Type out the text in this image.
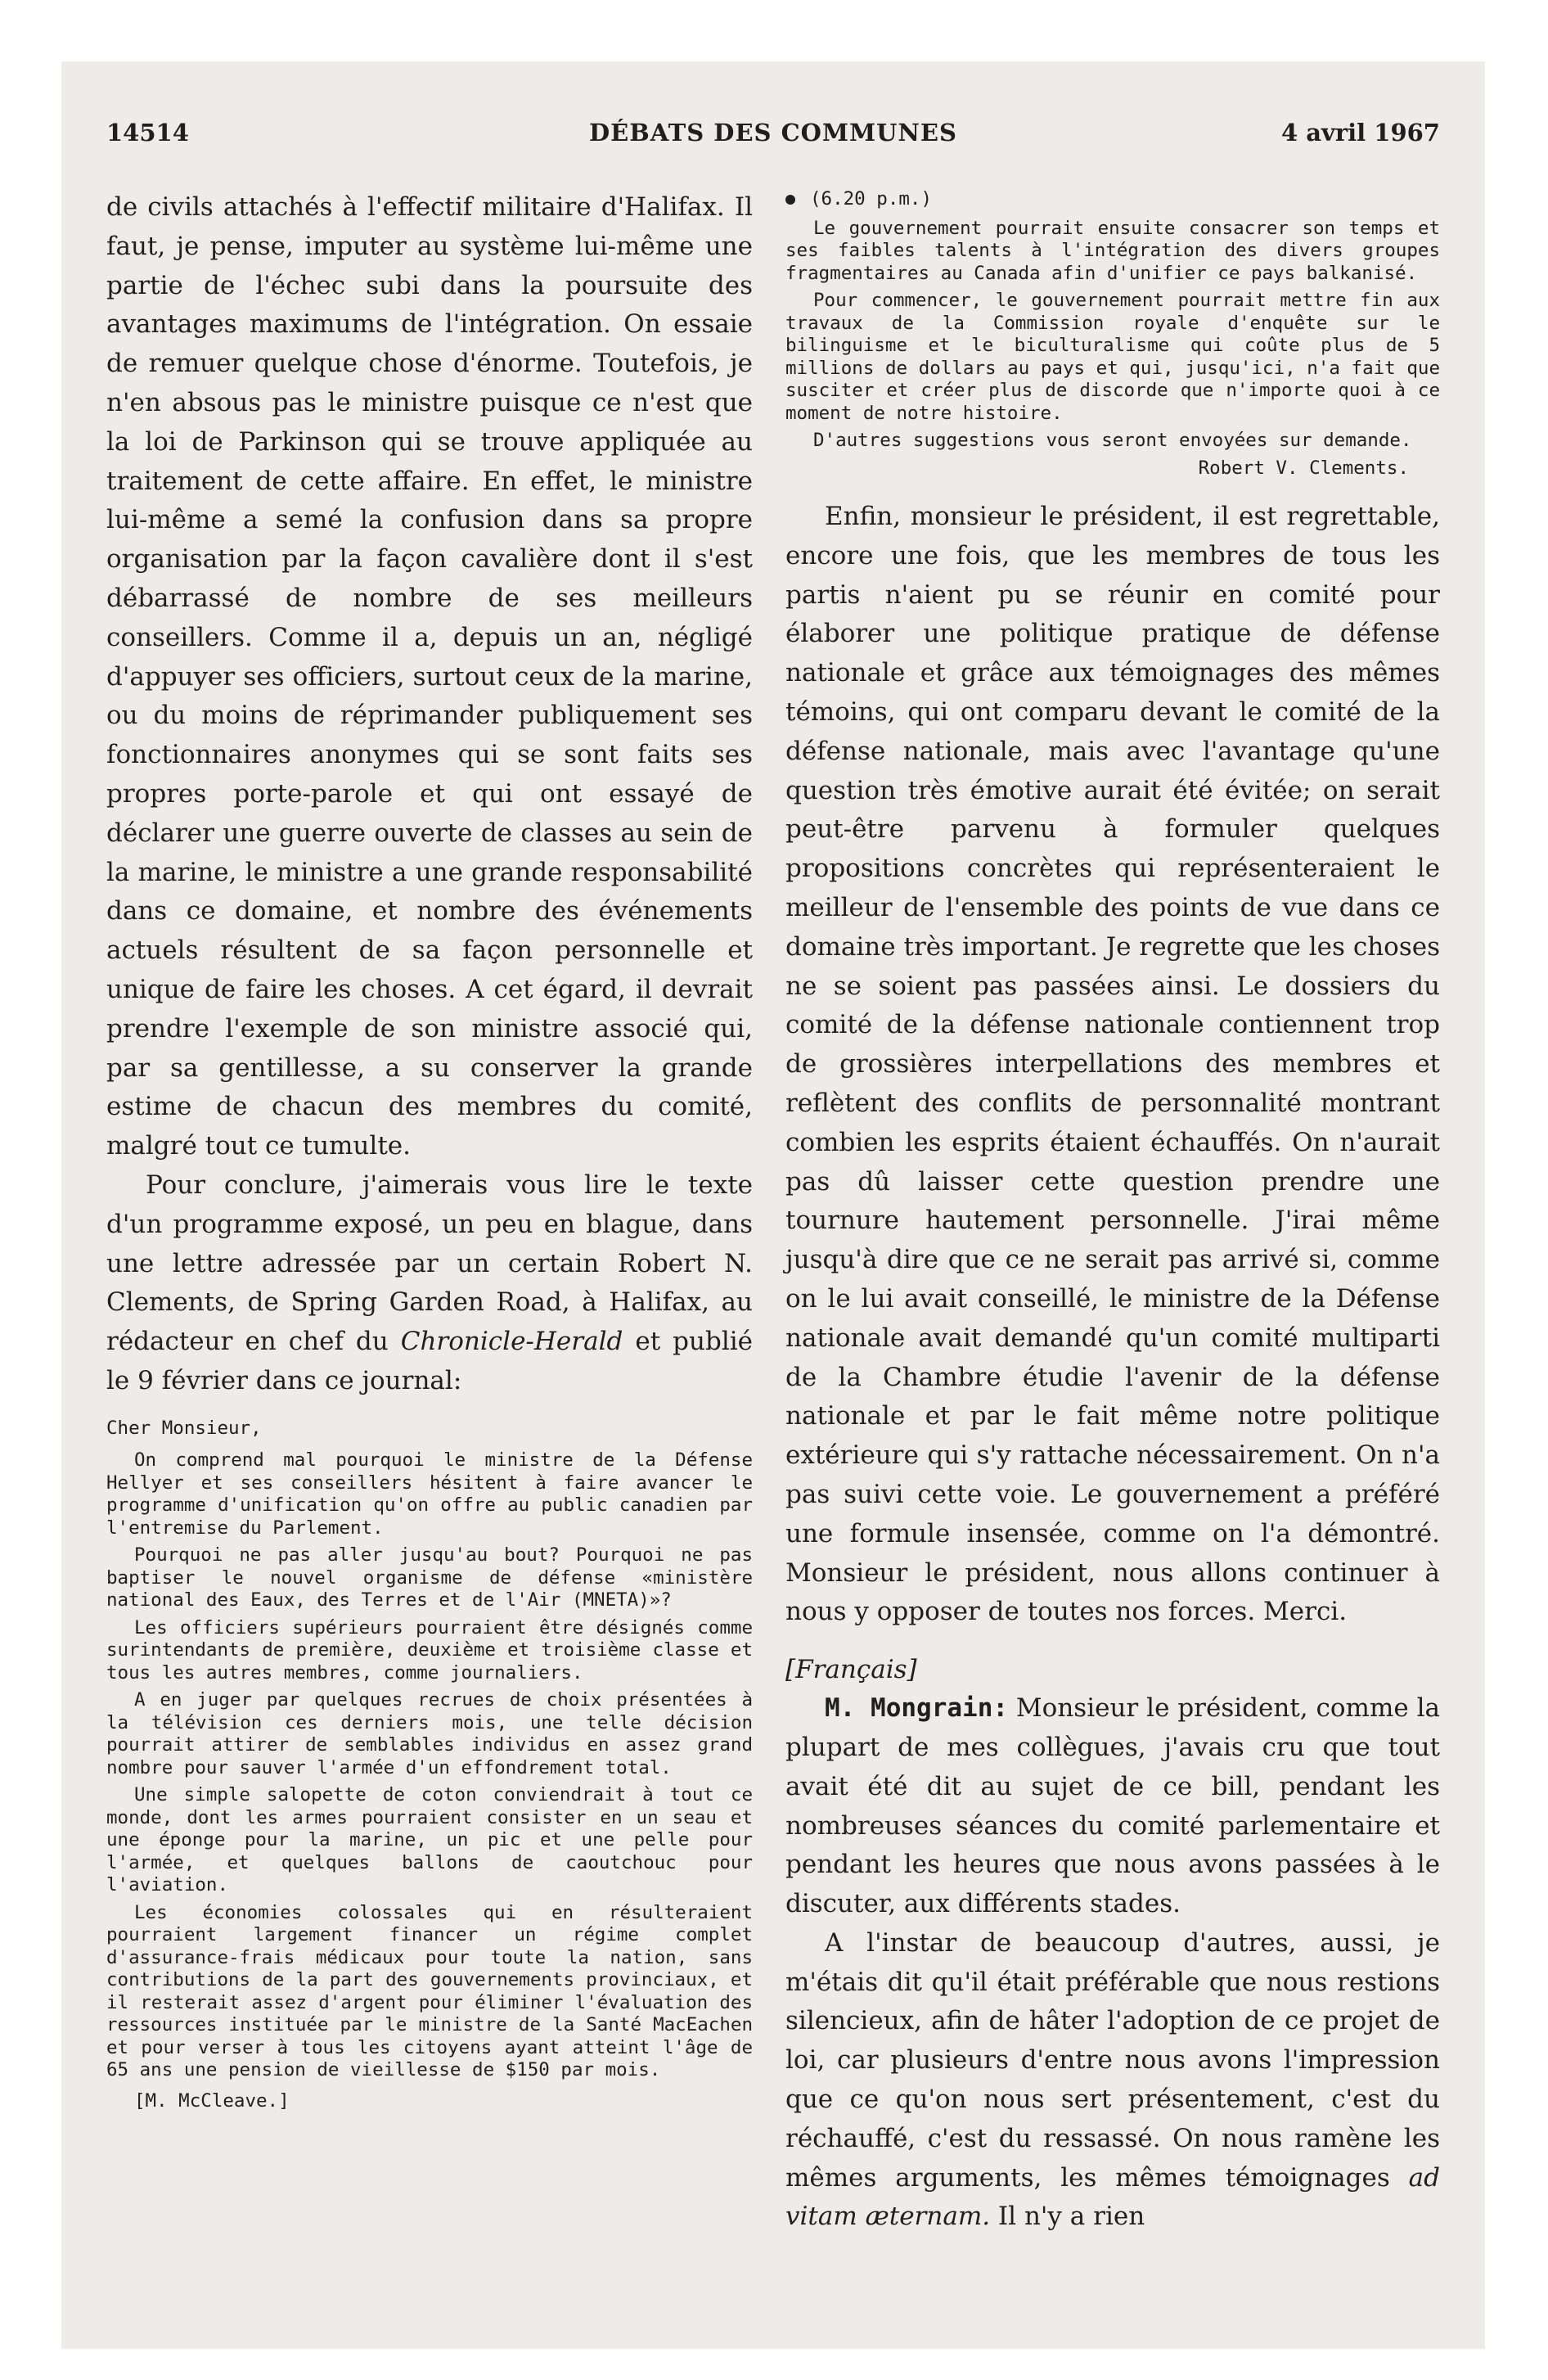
14514	DÉBATS DES COMMUNES	4 avril 1967

de civils attachés à l'effectif militaire d'Halifax. Il faut, je pense, imputer au système lui-même une partie de l'échec subi dans la poursuite des avantages maximums de l'intégration. On essaie de remuer quelque chose d'énorme. Toutefois, je n'en absous pas le ministre puisque ce n'est que la loi de Parkinson qui se trouve appliquée au traitement de cette affaire. En effet, le ministre lui-même a semé la confusion dans sa propre organisation par la façon cavalière dont il s'est débarrassé de nombre de ses meilleurs conseillers. Comme il a, depuis un an, négligé d'appuyer ses officiers, surtout ceux de la marine, ou du moins de réprimander publiquement ses fonctionnaires anonymes qui se sont faits ses propres porte-parole et qui ont essayé de déclarer une guerre ouverte de classes au sein de la marine, le ministre a une grande responsabilité dans ce domaine, et nombre des événements actuels résultent de sa façon personnelle et unique de faire les choses. A cet égard, il devrait prendre l'exemple de son ministre associé qui, par sa gentillesse, a su conserver la grande estime de chacun des membres du comité, malgré tout ce tumulte.

Pour conclure, j'aimerais vous lire le texte d'un programme exposé, un peu en blague, dans une lettre adressée par un certain Robert N. Clements, de Spring Garden Road, à Halifax, au rédacteur en chef du Chronicle-Herald et publié le 9 février dans ce journal:

Cher Monsieur,

On comprend mal pourquoi le ministre de la Défense Hellyer et ses conseillers hésitent à faire avancer le programme d'unification qu'on offre au public canadien par l'entremise du Parlement.

Pourquoi ne pas aller jusqu'au bout? Pourquoi ne pas baptiser le nouvel organisme de défense «ministère national des Eaux, des Terres et de l'Air (MNETA)»?

Les officiers supérieurs pourraient être désignés comme surintendants de première, deuxième et troisième classe et tous les autres membres, comme journaliers.

A en juger par quelques recrues de choix présentées à la télévision ces derniers mois, une telle décision pourrait attirer de semblables individus en assez grand nombre pour sauver l'armée d'un effondrement total.

Une simple salopette de coton conviendrait à tout ce monde, dont les armes pourraient consister en un seau et une éponge pour la marine, un pic et une pelle pour l'armée, et quelques ballons de caoutchouc pour l'aviation.

Les économies colossales qui en résulteraient pourraient largement financer un régime complet d'assurance-frais médicaux pour toute la nation, sans contributions de la part des gouvernements provinciaux, et il resterait assez d'argent pour éliminer l'évaluation des ressources instituée par le ministre de la Santé MacEachen et pour verser à tous les citoyens ayant atteint l'âge de 65 ans une pension de vieillesse de $150 par mois.

[M. McCleave.]

(6.20 p.m.)

Le gouvernement pourrait ensuite consacrer son temps et ses faibles talents à l'intégration des divers groupes fragmentaires au Canada afin d'unifier ce pays balkanisé.

Pour commencer, le gouvernement pourrait mettre fin aux travaux de la Commission royale d'enquête sur le bilinguisme et le biculturalisme qui coûte plus de 5 millions de dollars au pays et qui, jusqu'ici, n'a fait que susciter et créer plus de discorde que n'importe quoi à ce moment de notre histoire.

D'autres suggestions vous seront envoyées sur demande.

Robert V. Clements.

Enfin, monsieur le président, il est regrettable, encore une fois, que les membres de tous les partis n'aient pu se réunir en comité pour élaborer une politique pratique de défense nationale et grâce aux témoignages des mêmes témoins, qui ont comparu devant le comité de la défense nationale, mais avec l'avantage qu'une question très émotive aurait été évitée; on serait peut-être parvenu à formuler quelques propositions concrètes qui représenteraient le meilleur de l'ensemble des points de vue dans ce domaine très important. Je regrette que les choses ne se soient pas passées ainsi. Le dossiers du comité de la défense nationale contiennent trop de grossières interpellations des membres et reflètent des conflits de personnalité montrant combien les esprits étaient échauffés. On n'aurait pas dû laisser cette question prendre une tournure hautement personnelle. J'irai même jusqu'à dire que ce ne serait pas arrivé si, comme on le lui avait conseillé, le ministre de la Défense nationale avait demandé qu'un comité multiparti de la Chambre étudie l'avenir de la défense nationale et par le fait même notre politique extérieure qui s'y rattache nécessairement. On n'a pas suivi cette voie. Le gouvernement a préféré une formule insensée, comme on l'a démontré. Monsieur le président, nous allons continuer à nous y opposer de toutes nos forces. Merci.

[Français]

M. Mongrain: Monsieur le président, comme la plupart de mes collègues, j'avais cru que tout avait été dit au sujet de ce bill, pendant les nombreuses séances du comité parlementaire et pendant les heures que nous avons passées à le discuter, aux différents stades.

A l'instar de beaucoup d'autres, aussi, je m'étais dit qu'il était préférable que nous restions silencieux, afin de hâter l'adoption de ce projet de loi, car plusieurs d'entre nous avons l'impression que ce qu'on nous sert présentement, c'est du réchauffé, c'est du ressassé. On nous ramène les mêmes arguments, les mêmes témoignages ad vitam æternam. Il n'y a rien
